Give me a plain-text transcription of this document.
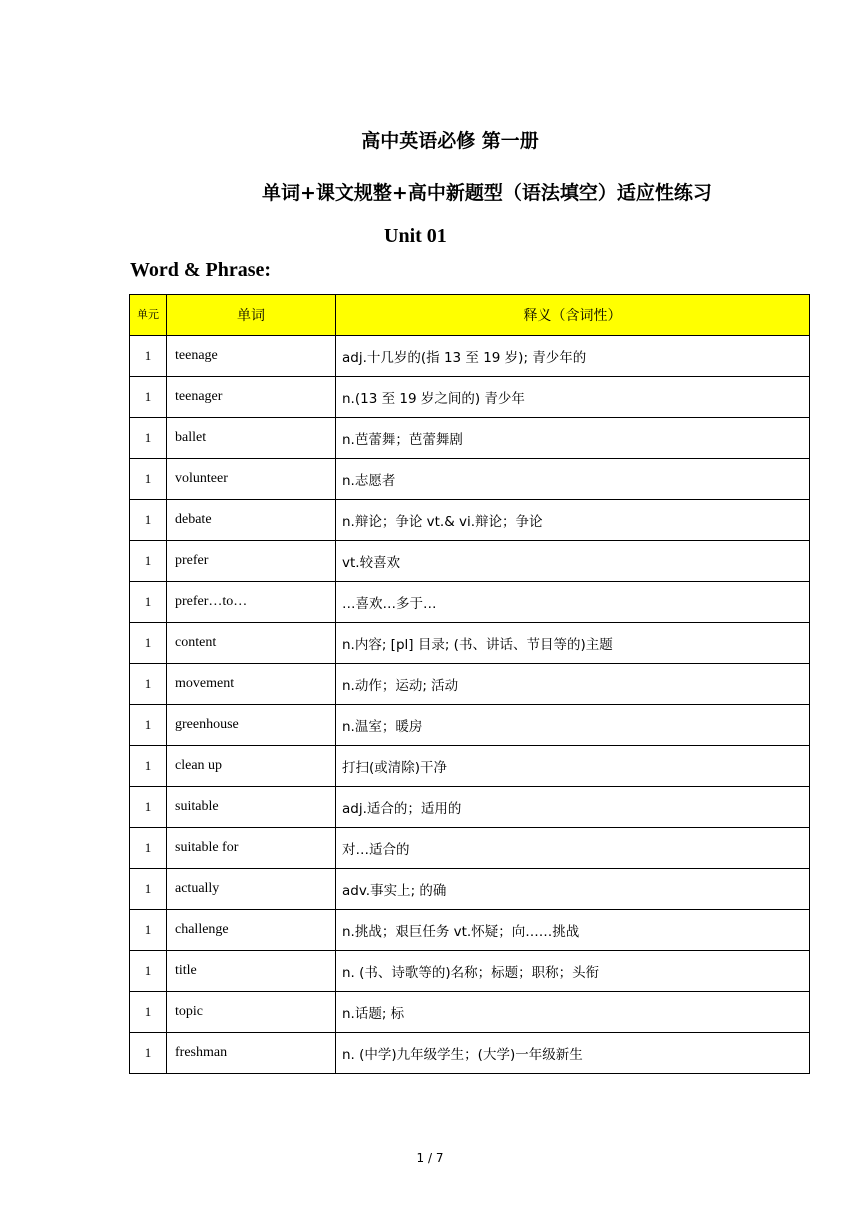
高中英语必修 第一册
单词+课文规整+高中新题型（语法填空）适应性练习
Unit 01
Word & Phrase:
单元	单词	释义（含词性）
1	teenage	adj.十几岁的(指 13 至 19 岁); 青少年的
1	teenager	n.(13 至 19 岁之间的) 青少年
1	ballet	n.芭蕾舞；芭蕾舞剧
1	volunteer	n.志愿者
1	debate	n.辩论；争论 vt.& vi.辩论；争论
1	prefer	vt.较喜欢
1	prefer…to…	…喜欢…多于…
1	content	n.内容; [pl] 目录; (书、讲话、节目等的)主题
1	movement	n.动作；运动; 活动
1	greenhouse	n.温室；暖房
1	clean up	打扫(或清除)干净
1	suitable	adj.适合的；适用的
1	suitable for	对…适合的
1	actually	adv.事实上; 的确
1	challenge	n.挑战；艰巨任务 vt.怀疑；向……挑战
1	title	n. (书、诗歌等的)名称；标题；职称；头衔
1	topic	n.话题; 标
1	freshman	n. (中学)九年级学生；(大学)一年级新生
1 / 7
